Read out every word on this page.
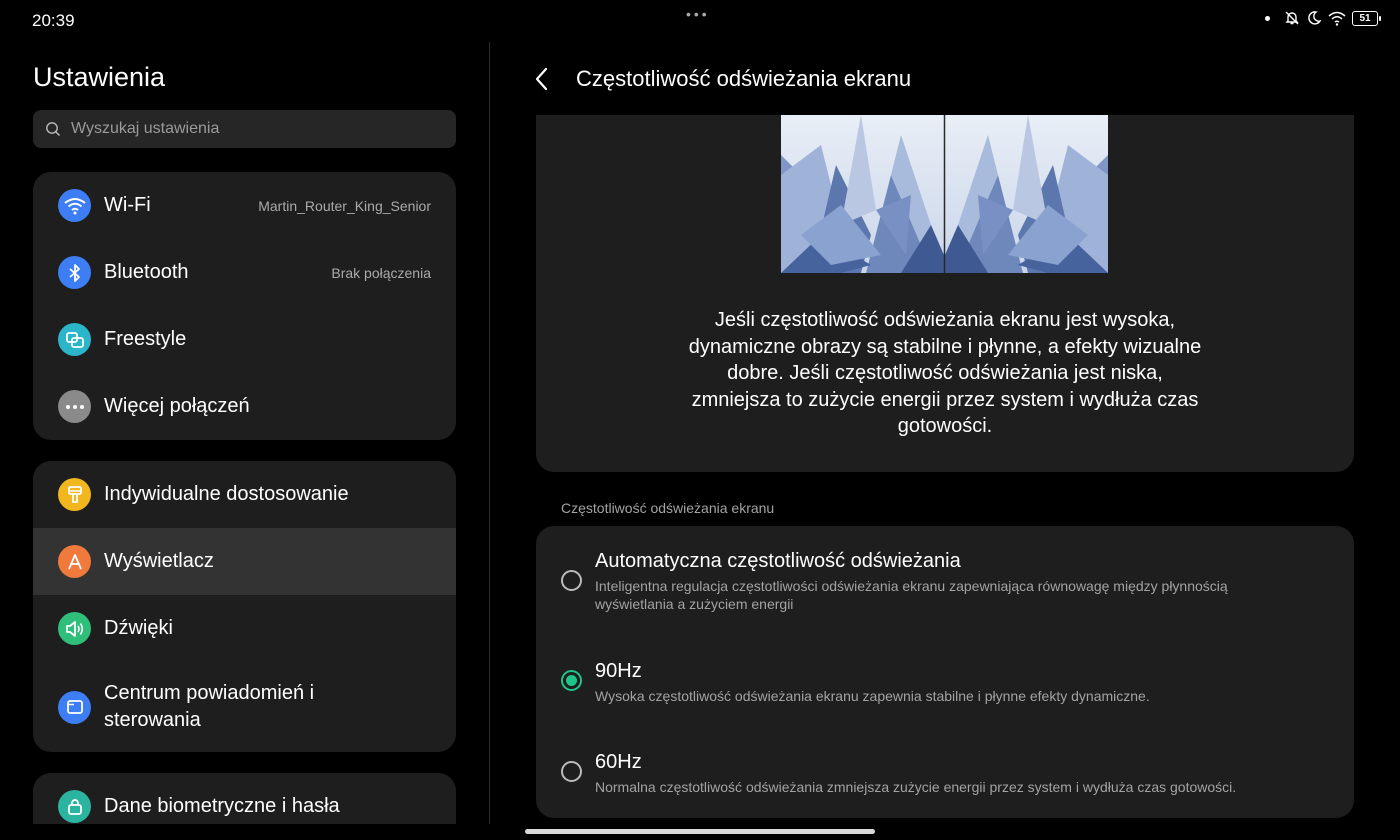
20:39	•••	51
Ustawienia
Wyszukaj ustawienia
Wi-Fi	Martin_Router_King_Senior
Bluetooth	Brak połączenia
Freestyle
Więcej połączeń
Indywidualne dostosowanie
Wyświetlacz
Dźwięki
Centrum powiadomień i sterowania
Dane biometryczne i hasła
Częstotliwość odświeżania ekranu
Jeśli częstotliwość odświeżania ekranu jest wysoka, dynamiczne obrazy są stabilne i płynne, a efekty wizualne dobre. Jeśli częstotliwość odświeżania jest niska, zmniejsza to zużycie energii przez system i wydłuża czas gotowości.
Częstotliwość odświeżania ekranu
Automatyczna częstotliwość odświeżania
Inteligentna regulacja częstotliwości odświeżania ekranu zapewniająca równowagę między płynnością wyświetlania a zużyciem energii
90Hz
Wysoka częstotliwość odświeżania ekranu zapewnia stabilne i płynne efekty dynamiczne.
60Hz
Normalna częstotliwość odświeżania zmniejsza zużycie energii przez system i wydłuża czas gotowości.
